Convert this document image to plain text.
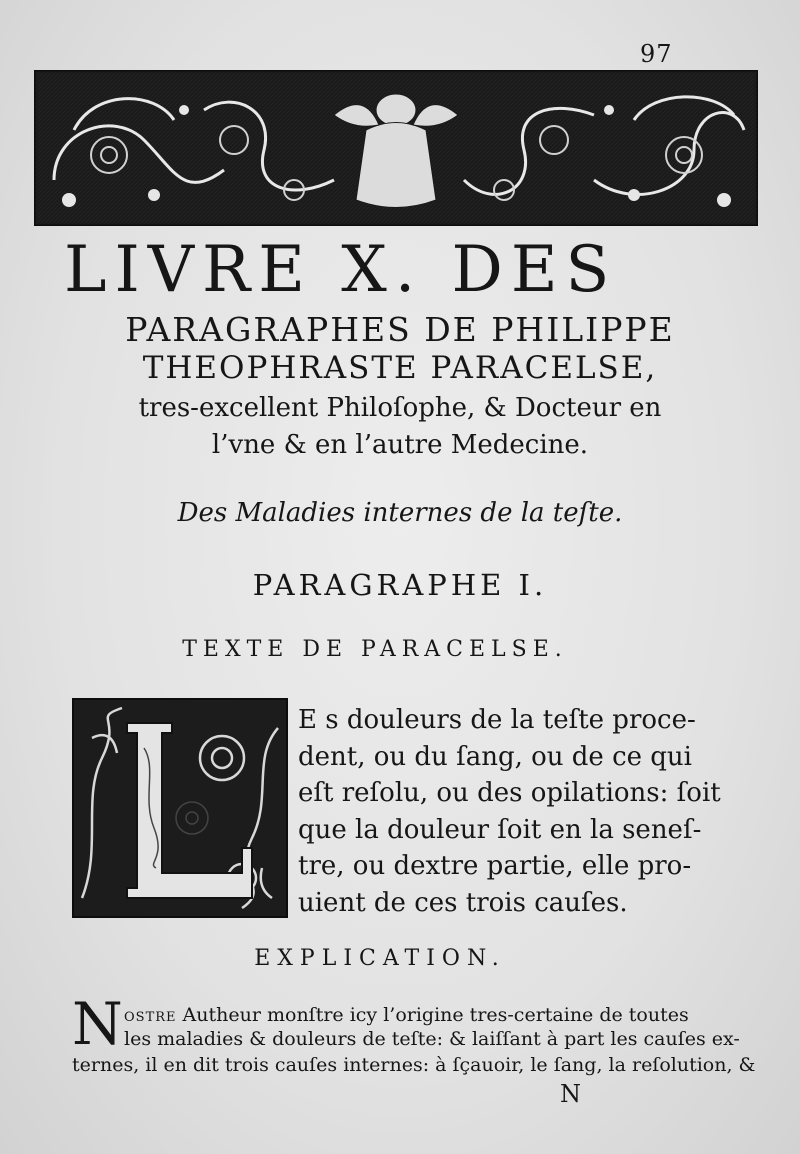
97
LIVRE X. DES
PARAGRAPHES DE PHILIPPE
THEOPHRASTE PARACELSE,
tres-excellent Philoſophe, & Docteur en
l’vne & en l’autre Medecine.
Des Maladies internes de la teſte.
PARAGRAPHE I.
TEXTE DE PARACELSE.
E s douleurs de la teſte proce-
dent, ou du ſang, ou de ce qui
eſt reſolu, ou des opilations: ſoit
que la douleur ſoit en la seneſ-
tre, ou dextre partie, elle pro-
uient de ces trois cauſes.
EXPLICATION.
N ostre Autheur monſtre icy l’origine tres-certaine de toutes
les maladies & douleurs de teſte: & laiſſant à part les cauſes ex-
ternes, il en dit trois cauſes internes: à ſçauoir, le ſang, la reſolution, &
N
